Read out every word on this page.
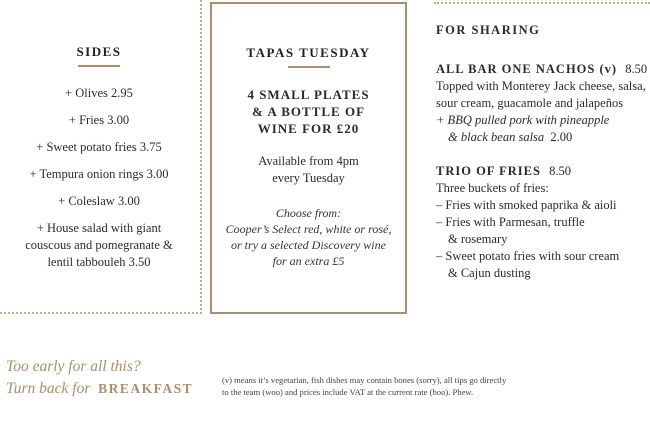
SIDES
+ Olives 2.95
+ Fries 3.00
+ Sweet potato fries 3.75
+ Tempura onion rings 3.00
+ Coleslaw 3.00
+ House salad with giant couscous and pomegranate & lentil tabbouleh 3.50
TAPAS TUESDAY
4 SMALL PLATES
& A BOTTLE OF
WINE FOR £20
Available from 4pm
every Tuesday
Choose from:
Cooper’s Select red, white or rosé,
or try a selected Discovery wine
for an extra £5
FOR SHARING
ALL BAR ONE NACHOS (v) 8.50
Topped with Monterey Jack cheese, salsa,
sour cream, guacamole and jalapeños
+ BBQ pulled pork with pineapple
& black bean salsa 2.00
TRIO OF FRIES 8.50
Three buckets of fries:
– Fries with smoked paprika & aioli
– Fries with Parmesan, truffle
& rosemary
– Sweet potato fries with sour cream
& Cajun dusting
Too early for all this?
Turn back for BREAKFAST
(v) means it’s vegetarian, fish dishes may contain bones (sorry), all tips go directly
to the team (woo) and prices include VAT at the current rate (boo). Phew.
